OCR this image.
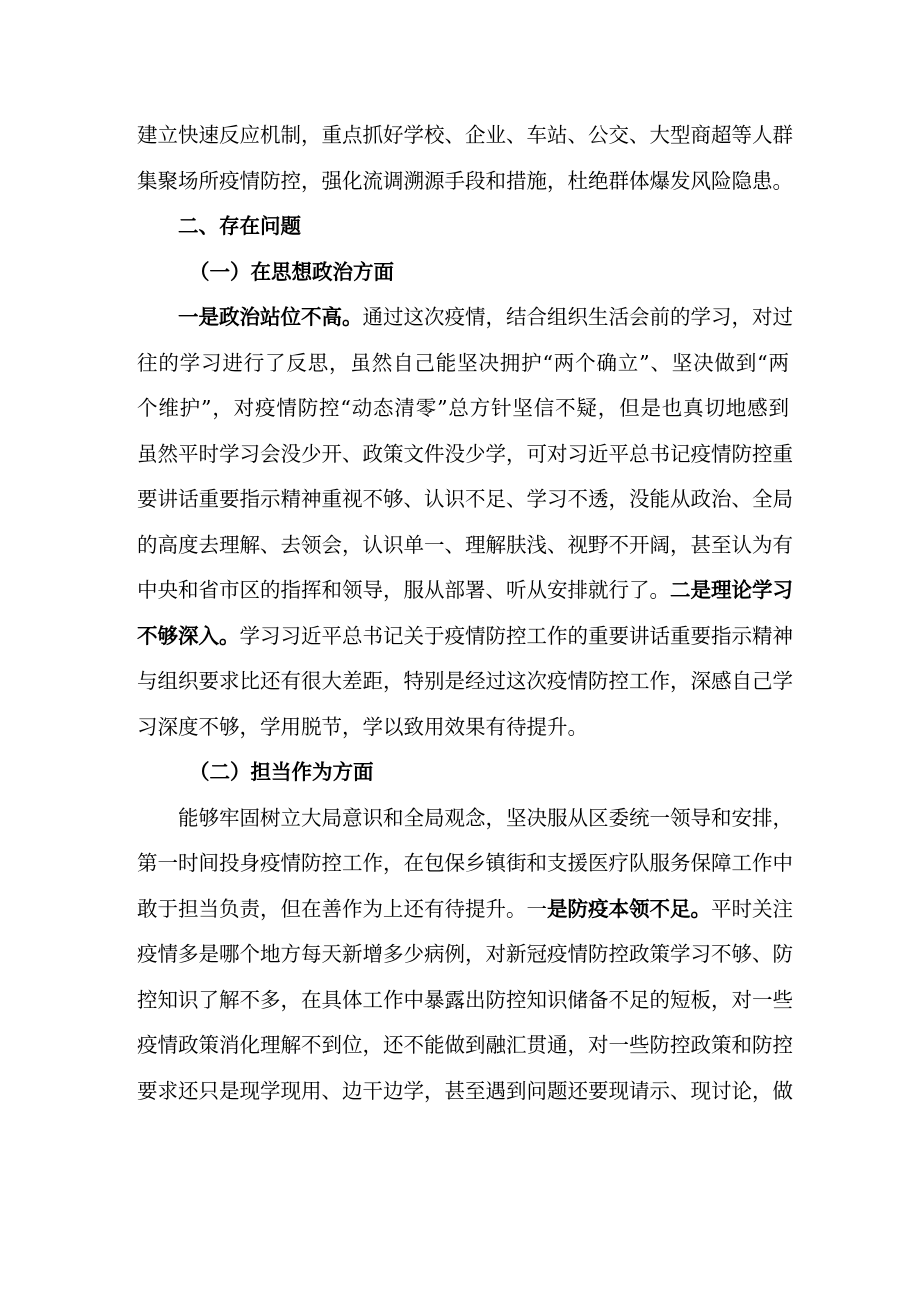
建立快速反应机制，重点抓好学校、企业、车站、公交、大型商超等人群
集聚场所疫情防控，强化流调溯源手段和措施，杜绝群体爆发风险隐患。
二、存在问题
（一）在思想政治方面
一是政治站位不高。通过这次疫情，结合组织生活会前的学习，对过
往的学习进行了反思，虽然自己能坚决拥护“两个确立”、坚决做到“两
个维护”，对疫情防控“动态清零”总方针坚信不疑，但是也真切地感到
虽然平时学习会没少开、政策文件没少学，可对习近平总书记疫情防控重
要讲话重要指示精神重视不够、认识不足、学习不透，没能从政治、全局
的高度去理解、去领会，认识单一、理解肤浅、视野不开阔，甚至认为有
中央和省市区的指挥和领导，服从部署、听从安排就行了。二是理论学习
不够深入。学习习近平总书记关于疫情防控工作的重要讲话重要指示精神
与组织要求比还有很大差距，特别是经过这次疫情防控工作，深感自己学
习深度不够，学用脱节，学以致用效果有待提升。
（二）担当作为方面
能够牢固树立大局意识和全局观念，坚决服从区委统一领导和安排，
第一时间投身疫情防控工作，在包保乡镇街和支援医疗队服务保障工作中
敢于担当负责，但在善作为上还有待提升。一是防疫本领不足。平时关注
疫情多是哪个地方每天新增多少病例，对新冠疫情防控政策学习不够、防
控知识了解不多，在具体工作中暴露出防控知识储备不足的短板，对一些
疫情政策消化理解不到位，还不能做到融汇贯通，对一些防控政策和防控
要求还只是现学现用、边干边学，甚至遇到问题还要现请示、现讨论，做
